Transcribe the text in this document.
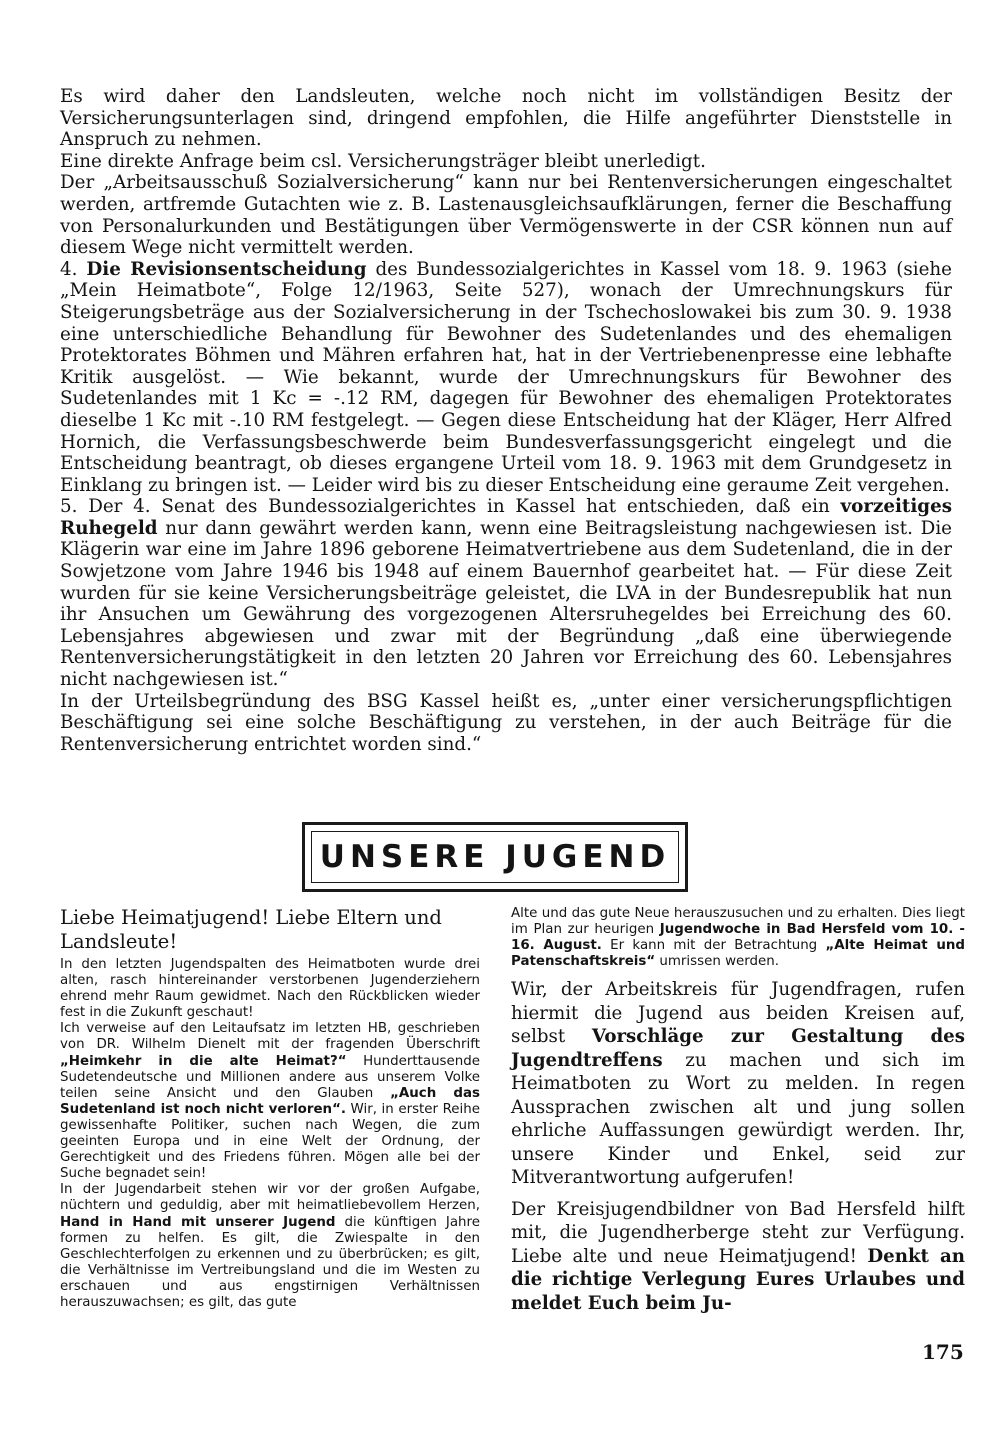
Es wird daher den Landsleuten, welche noch nicht im vollständigen Besitz der Versicherungsunterlagen sind, dringend empfohlen, die Hilfe angeführter Dienststelle in Anspruch zu nehmen.

Eine direkte Anfrage beim csl. Versicherungsträger bleibt unerledigt.

Der „Arbeitsausschuß Sozialversicherung“ kann nur bei Rentenversicherungen eingeschaltet werden, artfremde Gutachten wie z. B. Lastenausgleichsaufklärungen, ferner die Beschaffung von Personalurkunden und Bestätigungen über Vermögenswerte in der CSR können nun auf diesem Wege nicht vermittelt werden.

4. Die Revisionsentscheidung des Bundessozialgerichtes in Kassel vom 18. 9. 1963 (siehe „Mein Heimatbote“, Folge 12/1963, Seite 527), wonach der Umrechnungskurs für Steigerungsbeträge aus der Sozialversicherung in der Tschechoslowakei bis zum 30. 9. 1938 eine unterschiedliche Behandlung für Bewohner des Sudetenlandes und des ehemaligen Protektorates Böhmen und Mähren erfahren hat, hat in der Vertriebenenpresse eine lebhafte Kritik ausgelöst. — Wie bekannt, wurde der Umrechnungskurs für Bewohner des Sudetenlandes mit 1 Kc = -.12 RM, dagegen für Bewohner des ehemaligen Protektorates dieselbe 1 Kc mit -.10 RM festgelegt. — Gegen diese Entscheidung hat der Kläger, Herr Alfred Hornich, die Verfassungsbeschwerde beim Bundesverfassungsgericht eingelegt und die Entscheidung beantragt, ob dieses ergangene Urteil vom 18. 9. 1963 mit dem Grundgesetz in Einklang zu bringen ist. — Leider wird bis zu dieser Entscheidung eine geraume Zeit vergehen.

5. Der 4. Senat des Bundessozialgerichtes in Kassel hat entschieden, daß ein vorzeitiges Ruhegeld nur dann gewährt werden kann, wenn eine Beitragsleistung nachgewiesen ist. Die Klägerin war eine im Jahre 1896 geborene Heimatvertriebene aus dem Sudetenland, die in der Sowjetzone vom Jahre 1946 bis 1948 auf einem Bauernhof gearbeitet hat. — Für diese Zeit wurden für sie keine Versicherungsbeiträge geleistet, die LVA in der Bundesrepublik hat nun ihr Ansuchen um Gewährung des vorgezogenen Altersruhegeldes bei Erreichung des 60. Lebensjahres abgewiesen und zwar mit der Begründung „daß eine überwiegende Rentenversicherungstätigkeit in den letzten 20 Jahren vor Erreichung des 60. Lebensjahres nicht nachgewiesen ist.“

In der Urteilsbegründung des BSG Kassel heißt es, „unter einer versicherungspflichtigen Beschäftigung sei eine solche Beschäftigung zu verstehen, in der auch Beiträge für die Rentenversicherung entrichtet worden sind.“

UNSERE JUGEND

Liebe Heimatjugend! Liebe Eltern und Landsleute!

In den letzten Jugendspalten des Heimatboten wurde drei alten, rasch hintereinander verstorbenen Jugenderziehern ehrend mehr Raum gewidmet. Nach den Rückblicken wieder fest in die Zukunft geschaut!

Ich verweise auf den Leitaufsatz im letzten HB, geschrieben von DR. Wilhelm Dienelt mit der fragenden Überschrift „Heimkehr in die alte Heimat?“ Hunderttausende Sudetendeutsche und Millionen andere aus unserem Volke teilen seine Ansicht und den Glauben „Auch das Sudetenland ist noch nicht verloren“. Wir, in erster Reihe gewissenhafte Politiker, suchen nach Wegen, die zum geeinten Europa und in eine Welt der Ordnung, der Gerechtigkeit und des Friedens führen. Mögen alle bei der Suche begnadet sein!

In der Jugendarbeit stehen wir vor der großen Aufgabe, nüchtern und geduldig, aber mit heimatliebevollem Herzen, Hand in Hand mit unserer Jugend die künftigen Jahre formen zu helfen. Es gilt, die Zwiespalte in den Geschlechterfolgen zu erkennen und zu überbrücken; es gilt, die Verhältnisse im Vertreibungsland und die im Westen zu erschauen und aus engstirnigen Verhältnissen herauszuwachsen; es gilt, das gute

Alte und das gute Neue herauszusuchen und zu erhalten. Dies liegt im Plan zur heurigen Jugendwoche in Bad Hersfeld vom 10. - 16. August. Er kann mit der Betrachtung „Alte Heimat und Patenschaftskreis“ umrissen werden.

Wir, der Arbeitskreis für Jugendfragen, rufen hiermit die Jugend aus beiden Kreisen auf, selbst Vorschläge zur Gestaltung des Jugendtreffens zu machen und sich im Heimatboten zu Wort zu melden. In regen Aussprachen zwischen alt und jung sollen ehrliche Auffassungen gewürdigt werden. Ihr, unsere Kinder und Enkel, seid zur Mitverantwortung aufgerufen!

Der Kreisjugendbildner von Bad Hersfeld hilft mit, die Jugendherberge steht zur Verfügung. Liebe alte und neue Heimatjugend! Denkt an die richtige Verlegung Eures Urlaubes und meldet Euch beim Ju-

175
